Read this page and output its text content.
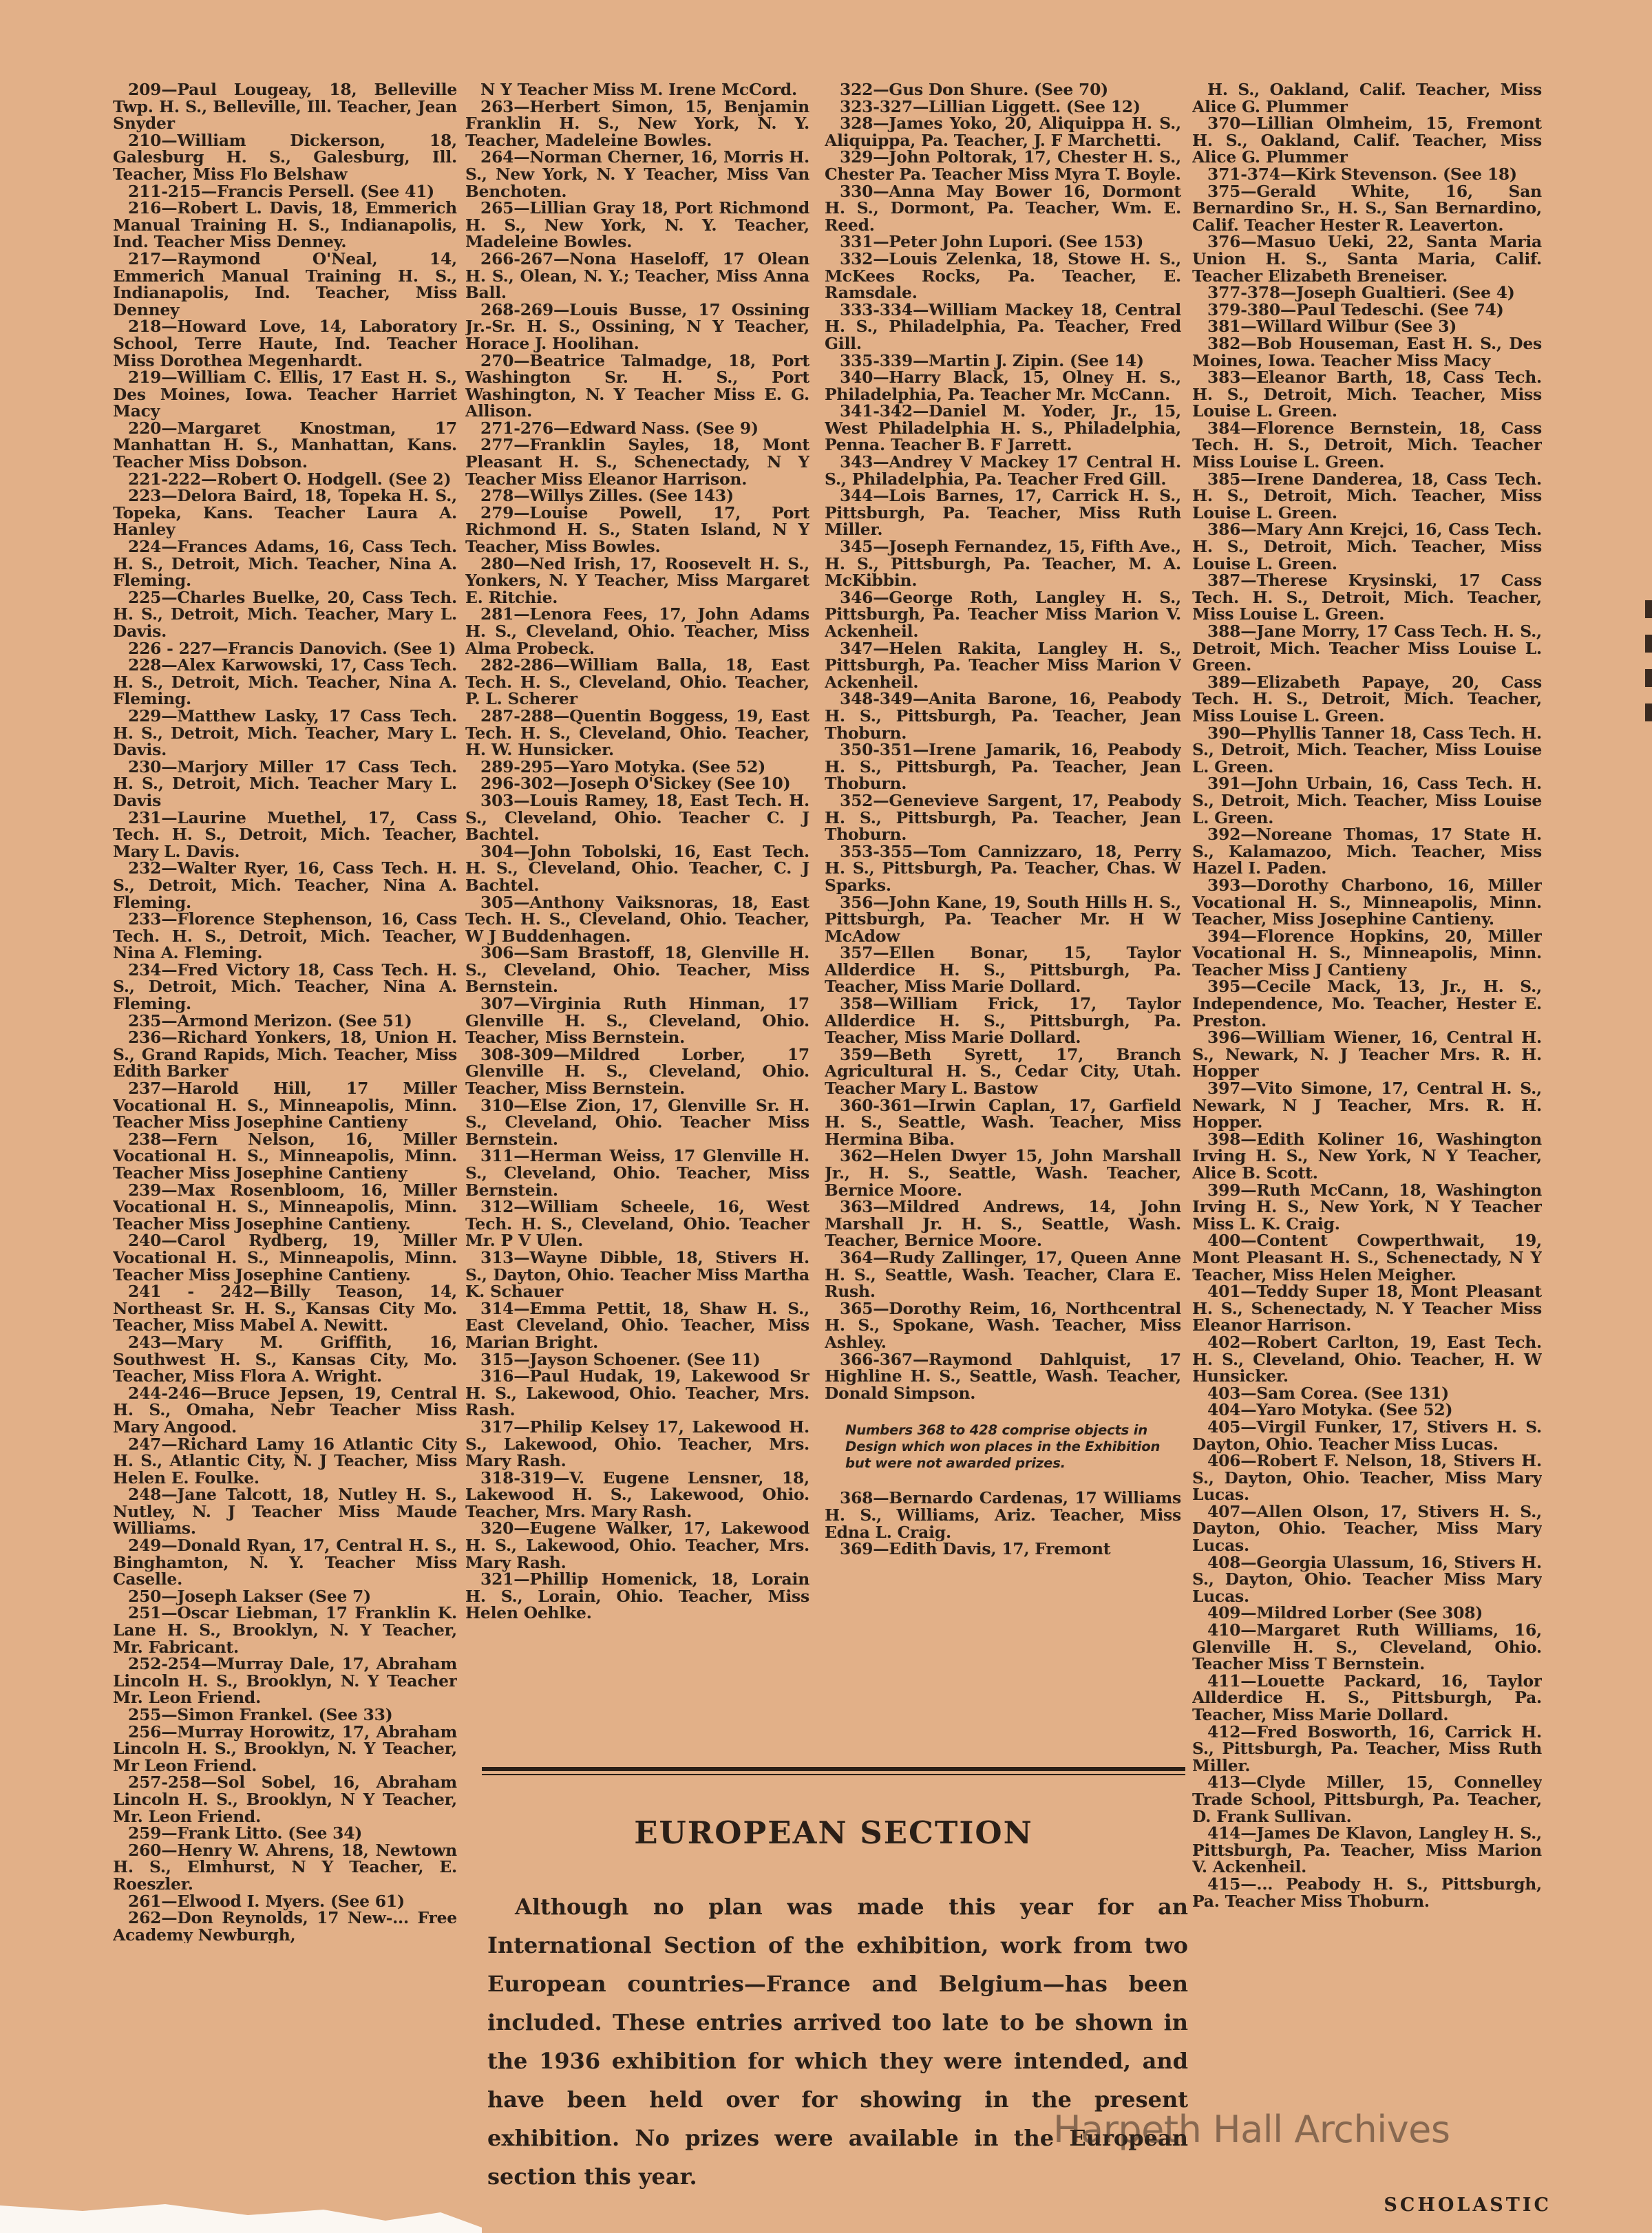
209—Paul Lougeay, 18, Belleville Twp. H. S., Belleville, Ill. Teacher, Jean Snyder

210—William Dickerson, 18, Galesburg H. S., Galesburg, Ill. Teacher, Miss Flo Belshaw

211-215—Francis Persell. (See 41)

216—Robert L. Davis, 18, Emmerich Manual Training H. S., Indianapolis, Ind. Teacher Miss Denney.

217—Raymond O'Neal, 14, Emmerich Manual Training H. S., Indianapolis, Ind. Teacher, Miss Denney

218—Howard Love, 14, Laboratory School, Terre Haute, Ind. Teacher Miss Dorothea Megenhardt.

219—William C. Ellis, 17 East H. S., Des Moines, Iowa. Teacher Harriet Macy

220—Margaret Knostman, 17 Manhattan H. S., Manhattan, Kans. Teacher Miss Dobson.

221-222—Robert O. Hodgell. (See 2)

223—Delora Baird, 18, Topeka H. S., Topeka, Kans. Teacher Laura A. Hanley

224—Frances Adams, 16, Cass Tech. H. S., Detroit, Mich. Teacher, Nina A. Fleming.

225—Charles Buelke, 20, Cass Tech. H. S., Detroit, Mich. Teacher, Mary L. Davis.

226 - 227—Francis Danovich. (See 1)

228—Alex Karwowski, 17, Cass Tech. H. S., Detroit, Mich. Teacher, Nina A. Fleming.

229—Matthew Lasky, 17 Cass Tech. H. S., Detroit, Mich. Teacher, Mary L. Davis.

230—Marjory Miller 17 Cass Tech. H. S., Detroit, Mich. Teacher Mary L. Davis

231—Laurine Muethel, 17, Cass Tech. H. S., Detroit, Mich. Teacher, Mary L. Davis.

232—Walter Ryer, 16, Cass Tech. H. S., Detroit, Mich. Teacher, Nina A. Fleming.

233—Florence Stephenson, 16, Cass Tech. H. S., Detroit, Mich. Teacher, Nina A. Fleming.

234—Fred Victory 18, Cass Tech. H. S., Detroit, Mich. Teacher, Nina A. Fleming.

235—Armond Merizon. (See 51)

236—Richard Yonkers, 18, Union H. S., Grand Rapids, Mich. Teacher, Miss Edith Barker

237—Harold Hill, 17 Miller Vocational H. S., Minneapolis, Minn. Teacher Miss Josephine Cantieny

238—Fern Nelson, 16, Miller Vocational H. S., Minneapolis, Minn. Teacher Miss Josephine Cantieny

239—Max Rosenbloom, 16, Miller Vocational H. S., Minneapolis, Minn. Teacher Miss Josephine Cantieny.

240—Carol Rydberg, 19, Miller Vocational H. S., Minneapolis, Minn. Teacher Miss Josephine Cantieny.

241 - 242—Billy Teason, 14, Northeast Sr. H. S., Kansas City Mo. Teacher, Miss Mabel A. Newitt.

243—Mary M. Griffith, 16, Southwest H. S., Kansas City, Mo. Teacher, Miss Flora A. Wright.

244-246—Bruce Jepsen, 19, Central H. S., Omaha, Nebr Teacher Miss Mary Angood.

247—Richard Lamy 16 Atlantic City H. S., Atlantic City, N. J Teacher, Miss Helen E. Foulke.

248—Jane Talcott, 18, Nutley H. S., Nutley, N. J Teacher Miss Maude Williams.

249—Donald Ryan, 17, Central H. S., Binghamton, N. Y. Teacher Miss Caselle.

250—Joseph Lakser (See 7)

251—Oscar Liebman, 17 Franklin K. Lane H. S., Brooklyn, N. Y Teacher, Mr. Fabricant.

252-254—Murray Dale, 17, Abraham Lincoln H. S., Brooklyn, N. Y Teacher Mr. Leon Friend.

255—Simon Frankel. (See 33)

256—Murray Horowitz, 17, Abraham Lincoln H. S., Brooklyn, N. Y Teacher, Mr Leon Friend.

257-258—Sol Sobel, 16, Abraham Lincoln H. S., Brooklyn, N Y Teacher, Mr. Leon Friend.

259—Frank Litto. (See 34)

260—Henry W. Ahrens, 18, Newtown H. S., Elmhurst, N Y Teacher, E. Roeszler.

261—Elwood I. Myers. (See 61)

262—Don Reynolds, 17 New-... Free Academy Newburgh,

N Y Teacher Miss M. Irene McCord.

263—Herbert Simon, 15, Benjamin Franklin H. S., New York, N. Y. Teacher, Madeleine Bowles.

264—Norman Cherner, 16, Morris H. S., New York, N. Y Teacher, Miss Van Benchoten.

265—Lillian Gray 18, Port Richmond H. S., New York, N. Y. Teacher, Madeleine Bowles.

266-267—Nona Haseloff, 17 Olean H. S., Olean, N. Y.; Teacher, Miss Anna Ball.

268-269—Louis Busse, 17 Ossining Jr.-Sr. H. S., Ossining, N Y Teacher, Horace J. Hoolihan.

270—Beatrice Talmadge, 18, Port Washington Sr. H. S., Port Washington, N. Y Teacher Miss E. G. Allison.

271-276—Edward Nass. (See 9)

277—Franklin Sayles, 18, Mont Pleasant H. S., Schenectady, N Y Teacher Miss Eleanor Harrison.

278—Willys Zilles. (See 143)

279—Louise Powell, 17, Port Richmond H. S., Staten Island, N Y Teacher, Miss Bowles.

280—Ned Irish, 17, Roosevelt H. S., Yonkers, N. Y Teacher, Miss Margaret E. Ritchie.

281—Lenora Fees, 17, John Adams H. S., Cleveland, Ohio. Teacher, Miss Alma Probeck.

282-286—William Balla, 18, East Tech. H. S., Cleveland, Ohio. Teacher, P. L. Scherer

287-288—Quentin Boggess, 19, East Tech. H. S., Cleveland, Ohio. Teacher, H. W. Hunsicker.

289-295—Yaro Motyka. (See 52)

296-302—Joseph O'Sickey (See 10)

303—Louis Ramey, 18, East Tech. H. S., Cleveland, Ohio. Teacher C. J Bachtel.

304—John Tobolski, 16, East Tech. H. S., Cleveland, Ohio. Teacher, C. J Bachtel.

305—Anthony Vaiksnoras, 18, East Tech. H. S., Cleveland, Ohio. Teacher, W J Buddenhagen.

306—Sam Brastoff, 18, Glenville H. S., Cleveland, Ohio. Teacher, Miss Bernstein.

307—Virginia Ruth Hinman, 17 Glenville H. S., Cleveland, Ohio. Teacher, Miss Bernstein.

308-309—Mildred Lorber, 17 Glenville H. S., Cleveland, Ohio. Teacher, Miss Bernstein.

310—Else Zion, 17, Glenville Sr. H. S., Cleveland, Ohio. Teacher Miss Bernstein.

311—Herman Weiss, 17 Glenville H. S., Cleveland, Ohio. Teacher, Miss Bernstein.

312—William Scheele, 16, West Tech. H. S., Cleveland, Ohio. Teacher Mr. P V Ulen.

313—Wayne Dibble, 18, Stivers H. S., Dayton, Ohio. Teacher Miss Martha K. Schauer

314—Emma Pettit, 18, Shaw H. S., East Cleveland, Ohio. Teacher, Miss Marian Bright.

315—Jayson Schoener. (See 11)

316—Paul Hudak, 19, Lakewood Sr H. S., Lakewood, Ohio. Teacher, Mrs. Rash.

317—Philip Kelsey 17, Lakewood H. S., Lakewood, Ohio. Teacher, Mrs. Mary Rash.

318-319—V. Eugene Lensner, 18, Lakewood H. S., Lakewood, Ohio. Teacher, Mrs. Mary Rash.

320—Eugene Walker, 17, Lakewood H. S., Lakewood, Ohio. Teacher, Mrs. Mary Rash.

321—Phillip Homenick, 18, Lorain H. S., Lorain, Ohio. Teacher, Miss Helen Oehlke.

322—Gus Don Shure. (See 70)

323-327—Lillian Liggett. (See 12)

328—James Yoko, 20, Aliquippa H. S., Aliquippa, Pa. Teacher, J. F Marchetti.

329—John Poltorak, 17, Chester H. S., Chester Pa. Teacher Miss Myra T. Boyle.

330—Anna May Bower 16, Dormont H. S., Dormont, Pa. Teacher, Wm. E. Reed.

331—Peter John Lupori. (See 153)

332—Louis Zelenka, 18, Stowe H. S., McKees Rocks, Pa. Teacher, E. Ramsdale.

333-334—William Mackey 18, Central H. S., Philadelphia, Pa. Teacher, Fred Gill.

335-339—Martin J. Zipin. (See 14)

340—Harry Black, 15, Olney H. S., Philadelphia, Pa. Teacher Mr. McCann.

341-342—Daniel M. Yoder, Jr., 15, West Philadelphia H. S., Philadelphia, Penna. Teacher B. F Jarrett.

343—Andrey V Mackey 17 Central H. S., Philadelphia, Pa. Teacher Fred Gill.

344—Lois Barnes, 17, Carrick H. S., Pittsburgh, Pa. Teacher, Miss Ruth Miller.

345—Joseph Fernandez, 15, Fifth Ave., H. S., Pittsburgh, Pa. Teacher, M. A. McKibbin.

346—George Roth, Langley H. S., Pittsburgh, Pa. Teacher Miss Marion V. Ackenheil.

347—Helen Rakita, Langley H. S., Pittsburgh, Pa. Teacher Miss Marion V Ackenheil.

348-349—Anita Barone, 16, Peabody H. S., Pittsburgh, Pa. Teacher, Jean Thoburn.

350-351—Irene Jamarik, 16, Peabody H. S., Pittsburgh, Pa. Teacher, Jean Thoburn.

352—Genevieve Sargent, 17, Peabody H. S., Pittsburgh, Pa. Teacher, Jean Thoburn.

353-355—Tom Cannizzaro, 18, Perry H. S., Pittsburgh, Pa. Teacher, Chas. W Sparks.

356—John Kane, 19, South Hills H. S., Pittsburgh, Pa. Teacher Mr. H W McAdow

357—Ellen Bonar, 15, Taylor Allderdice H. S., Pittsburgh, Pa. Teacher, Miss Marie Dollard.

358—William Frick, 17, Taylor Allderdice H. S., Pittsburgh, Pa. Teacher, Miss Marie Dollard.

359—Beth Syrett, 17, Branch Agricultural H. S., Cedar City, Utah. Teacher Mary L. Bastow

360-361—Irwin Caplan, 17, Garfield H. S., Seattle, Wash. Teacher, Miss Hermina Biba.

362—Helen Dwyer 15, John Marshall Jr., H. S., Seattle, Wash. Teacher, Bernice Moore.

363—Mildred Andrews, 14, John Marshall Jr. H. S., Seattle, Wash. Teacher, Bernice Moore.

364—Rudy Zallinger, 17, Queen Anne H. S., Seattle, Wash. Teacher, Clara E. Rush.

365—Dorothy Reim, 16, Northcentral H. S., Spokane, Wash. Teacher, Miss Ashley.

366-367—Raymond Dahlquist, 17 Highline H. S., Seattle, Wash. Teacher, Donald Simpson.

Numbers 368 to 428 comprise objects in Design which won places in the Exhibition but were not awarded prizes.

368—Bernardo Cardenas, 17 Williams H. S., Williams, Ariz. Teacher, Miss Edna L. Craig.

369—Edith Davis, 17, Fremont

H. S., Oakland, Calif. Teacher, Miss Alice G. Plummer

370—Lillian Olmheim, 15, Fremont H. S., Oakland, Calif. Teacher, Miss Alice G. Plummer

371-374—Kirk Stevenson. (See 18)

375—Gerald White, 16, San Bernardino Sr., H. S., San Bernardino, Calif. Teacher Hester R. Leaverton.

376—Masuo Ueki, 22, Santa Maria Union H. S., Santa Maria, Calif. Teacher Elizabeth Breneiser.

377-378—Joseph Gualtieri. (See 4)

379-380—Paul Tedeschi. (See 74)

381—Willard Wilbur (See 3)

382—Bob Houseman, East H. S., Des Moines, Iowa. Teacher Miss Macy

383—Eleanor Barth, 18, Cass Tech. H. S., Detroit, Mich. Teacher, Miss Louise L. Green.

384—Florence Bernstein, 18, Cass Tech. H. S., Detroit, Mich. Teacher Miss Louise L. Green.

385—Irene Danderea, 18, Cass Tech. H. S., Detroit, Mich. Teacher, Miss Louise L. Green.

386—Mary Ann Krejci, 16, Cass Tech. H. S., Detroit, Mich. Teacher, Miss Louise L. Green.

387—Therese Krysinski, 17 Cass Tech. H. S., Detroit, Mich. Teacher, Miss Louise L. Green.

388—Jane Morry, 17 Cass Tech. H. S., Detroit, Mich. Teacher Miss Louise L. Green.

389—Elizabeth Papaye, 20, Cass Tech. H. S., Detroit, Mich. Teacher, Miss Louise L. Green.

390—Phyllis Tanner 18, Cass Tech. H. S., Detroit, Mich. Teacher, Miss Louise L. Green.

391—John Urbain, 16, Cass Tech. H. S., Detroit, Mich. Teacher, Miss Louise L. Green.

392—Noreane Thomas, 17 State H. S., Kalamazoo, Mich. Teacher, Miss Hazel I. Paden.

393—Dorothy Charbono, 16, Miller Vocational H. S., Minneapolis, Minn. Teacher, Miss Josephine Cantieny.

394—Florence Hopkins, 20, Miller Vocational H. S., Minneapolis, Minn. Teacher Miss J Cantieny

395—Cecile Mack, 13, Jr., H. S., Independence, Mo. Teacher, Hester E. Preston.

396—William Wiener, 16, Central H. S., Newark, N. J Teacher Mrs. R. H. Hopper

397—Vito Simone, 17, Central H. S., Newark, N J Teacher, Mrs. R. H. Hopper.

398—Edith Koliner 16, Washington Irving H. S., New York, N Y Teacher, Alice B. Scott.

399—Ruth McCann, 18, Washington Irving H. S., New York, N Y Teacher Miss L. K. Craig.

400—Content Cowperthwait, 19, Mont Pleasant H. S., Schenectady, N Y Teacher, Miss Helen Meigher.

401—Teddy Super 18, Mont Pleasant H. S., Schenectady, N. Y Teacher Miss Eleanor Harrison.

402—Robert Carlton, 19, East Tech. H. S., Cleveland, Ohio. Teacher, H. W Hunsicker.

403—Sam Corea. (See 131)

404—Yaro Motyka. (See 52)

405—Virgil Funker, 17, Stivers H. S. Dayton, Ohio. Teacher Miss Lucas.

406—Robert F. Nelson, 18, Stivers H. S., Dayton, Ohio. Teacher, Miss Mary Lucas.

407—Allen Olson, 17, Stivers H. S., Dayton, Ohio. Teacher, Miss Mary Lucas.

408—Georgia Ulassum, 16, Stivers H. S., Dayton, Ohio. Teacher Miss Mary Lucas.

409—Mildred Lorber (See 308)

410—Margaret Ruth Williams, 16, Glenville H. S., Cleveland, Ohio. Teacher Miss T Bernstein.

411—Louette Packard, 16, Taylor Allderdice H. S., Pittsburgh, Pa. Teacher, Miss Marie Dollard.

412—Fred Bosworth, 16, Carrick H. S., Pittsburgh, Pa. Teacher, Miss Ruth Miller.

413—Clyde Miller, 15, Connelley Trade School, Pittsburgh, Pa. Teacher, D. Frank Sullivan.

414—James De Klavon, Langley H. S., Pittsburgh, Pa. Teacher, Miss Marion V. Ackenheil.

415—... Peabody H. S., Pittsburgh, Pa. Teacher Miss Thoburn.

EUROPEAN SECTION

Although no plan was made this year for an International Section of the exhibition, work from two European countries—France and Belgium—has been included. These entries arrived too late to be shown in the 1936 exhibition for which they were intended, and have been held over for showing in the present exhibition. No prizes were available in the European section this year.

SCHOLASTIC

Harpeth Hall Archives
